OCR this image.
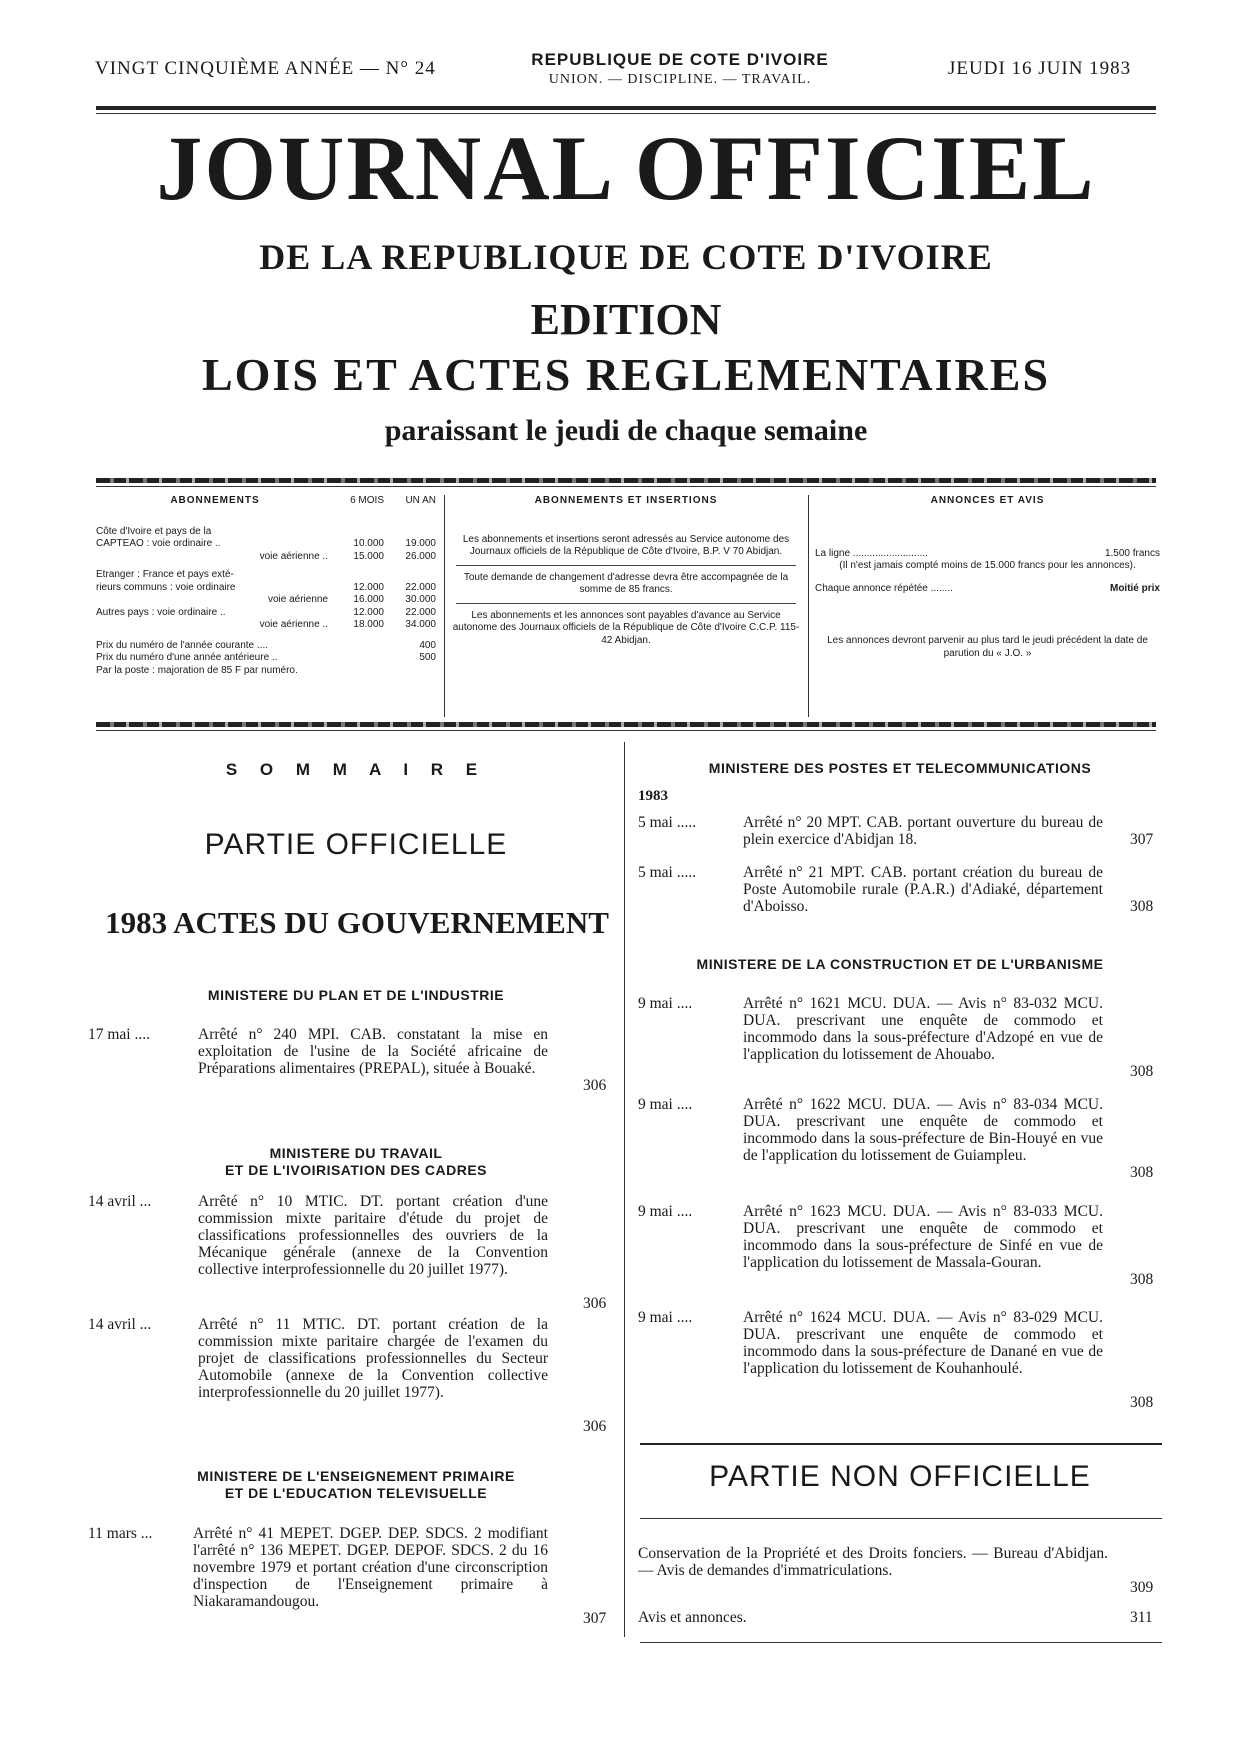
VINGT CINQUIÈME ANNÉE — N° 24	REPUBLIQUE DE COTE D'IVOIRE
UNION. — DISCIPLINE. — TRAVAIL.
JEUDI 16 JUIN 1983
JOURNAL OFFICIEL
DE LA REPUBLIQUE DE COTE D'IVOIRE
EDITION
LOIS ET ACTES REGLEMENTAIRES
paraissant le jeudi de chaque semaine
ABONNEMENTS	6 MOIS	UN AN
Côte d'Ivoire et pays de la
CAPTEAO : voie ordinaire ..	10.000	19.000
voie aérienne ..	15.000	26.000
Etranger : France et pays exté-
rieurs communs : voie ordinaire	12.000	22.000
voie aérienne	16.000	30.000
Autres pays : voie ordinaire ..	12.000	22.000
voie aérienne ..	18.000	34.000
Prix du numéro de l'année courante ....	400
Prix du numéro d'une année antérieure ..	500
Par la poste : majoration de 85 F par numéro.
ABONNEMENTS ET INSERTIONS
Les abonnements et insertions seront adressés au Service autonome des Journaux officiels de la République de Côte d'Ivoire, B.P. V 70 Abidjan.
Toute demande de changement d'adresse devra être accompagnée de la somme de 85 francs.
Les abonnements et les annonces sont payables d'avance au Service autonome des Journaux officiels de la République de Côte d'Ivoire C.C.P. 115-42 Abidjan.
ANNONCES ET AVIS
La ligne ...........................	1.500 francs
(Il n'est jamais compté moins de 15.000 francs pour les annonces).
Chaque annonce répétée ........	Moitié prix
Les annonces devront parvenir au plus tard le jeudi précédent la date de parution du « J.O. »
S O M M A I R E
PARTIE OFFICIELLE
1983 ACTES DU GOUVERNEMENT
MINISTERE DU PLAN ET DE L'INDUSTRIE
17 mai ....	Arrêté n° 240 MPI. CAB. constatant la mise en exploitation de l'usine de la Société africaine de Préparations alimentaires (PREPAL), située à Bouaké.
306
MINISTERE DU TRAVAIL
ET DE L'IVOIRISATION DES CADRES
14 avril ...	Arrêté n° 10 MTIC. DT. portant création d'une commission mixte paritaire d'étude du projet de classifications professionnelles des ouvriers de la Mécanique générale (annexe de la Convention collective interprofessionnelle du 20 juillet 1977).
306
14 avril ...	Arrêté n° 11 MTIC. DT. portant création de la commission mixte paritaire chargée de l'examen du projet de classifications professionnelles du Secteur Automobile (annexe de la Convention collective interprofessionnelle du 20 juillet 1977).
306
MINISTERE DE L'ENSEIGNEMENT PRIMAIRE
ET DE L'EDUCATION TELEVISUELLE
11 mars ...	Arrêté n° 41 MEPET. DGEP. DEP. SDCS. 2 modifiant l'arrêté n° 136 MEPET. DGEP. DEPOF. SDCS. 2 du 16 novembre 1979 et portant création d'une circonscription d'inspection de l'Enseignement primaire à Niakaramandougou.
307
MINISTERE DES POSTES ET TELECOMMUNICATIONS
1983
5 mai .....	Arrêté n° 20 MPT. CAB. portant ouverture du bureau de plein exercice d'Abidjan 18.	307
5 mai .....	Arrêté n° 21 MPT. CAB. portant création du bureau de Poste Automobile rurale (P.A.R.) d'Adiaké, département d'Aboisso.	308
MINISTERE DE LA CONSTRUCTION ET DE L'URBANISME
9 mai ....	Arrêté n° 1621 MCU. DUA. — Avis n° 83-032 MCU. DUA. prescrivant une enquête de commodo et incommodo dans la sous-préfecture d'Adzopé en vue de l'application du lotissement de Ahouabo.
308
9 mai ....	Arrêté n° 1622 MCU. DUA. — Avis n° 83-034 MCU. DUA. prescrivant une enquête de commodo et incommodo dans la sous-préfecture de Bin-Houyé en vue de l'application du lotissement de Guiampleu.
308
9 mai ....	Arrêté n° 1623 MCU. DUA. — Avis n° 83-033 MCU. DUA. prescrivant une enquête de commodo et incommodo dans la sous-préfecture de Sinfé en vue de l'application du lotissement de Massala-Gouran.
308
9 mai ....	Arrêté n° 1624 MCU. DUA. — Avis n° 83-029 MCU. DUA. prescrivant une enquête de commodo et incommodo dans la sous-préfecture de Danané en vue de l'application du lotissement de Kouhanhoulé.
308
PARTIE NON OFFICIELLE
Conservation de la Propriété et des Droits fonciers. — Bureau d'Abidjan. — Avis de demandes d'immatriculations.
309
Avis et annonces.	311
